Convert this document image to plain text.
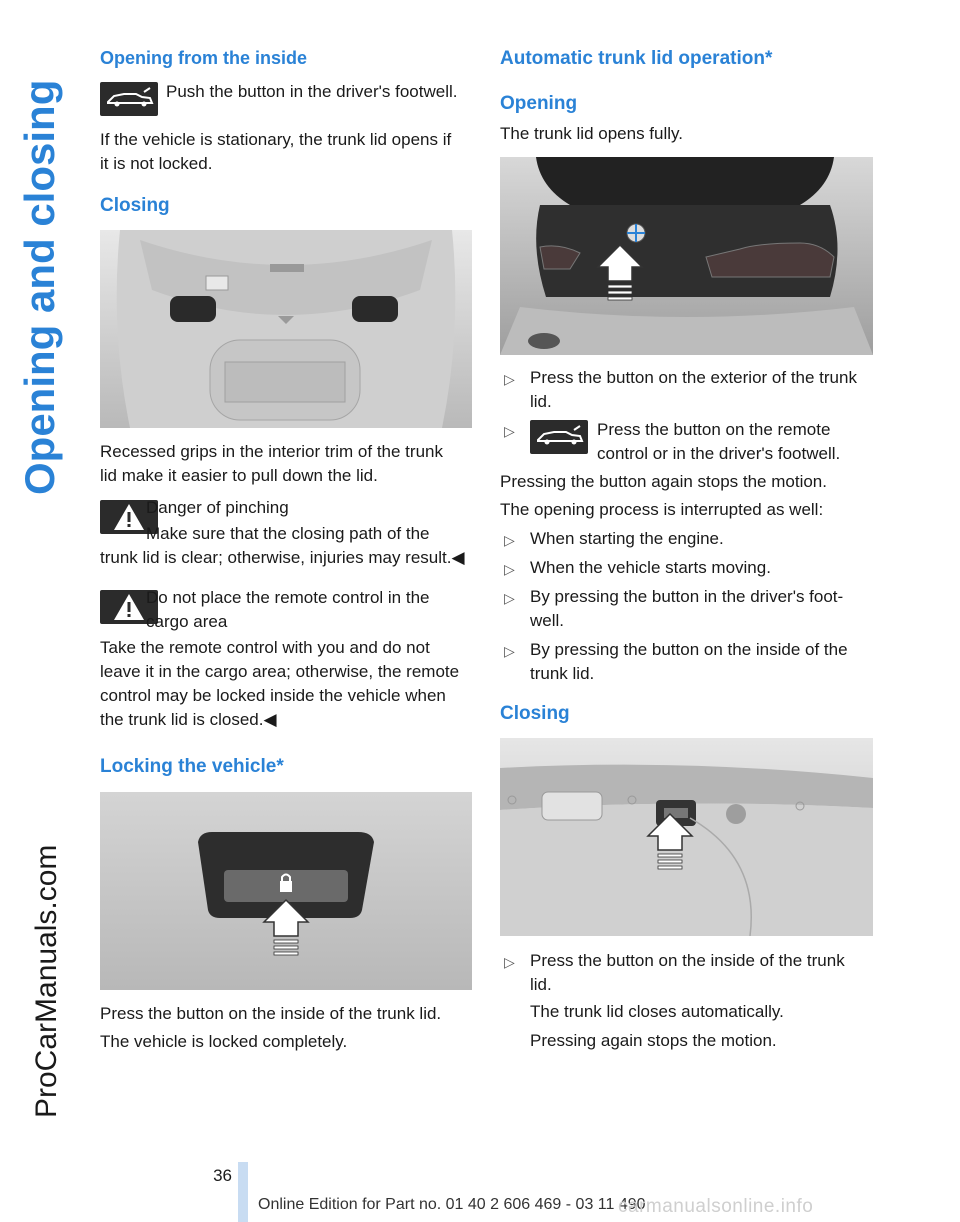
Opening and closing
ProCarManuals.com
Opening from the inside
Push the button in the driver's footwell.
If the vehicle is stationary, the trunk lid opens if
it is not locked.
Closing
Recessed grips in the interior trim of the trunk
lid make it easier to pull down the lid.
Danger of pinching
Make sure that the closing path of the
trunk lid is clear; otherwise, injuries may result.◀
Do not place the remote control in the
cargo area
Take the remote control with you and do not
leave it in the cargo area; otherwise, the remote
control may be locked inside the vehicle when
the trunk lid is closed.◀
Locking the vehicle*
Press the button on the inside of the trunk lid.
The vehicle is locked completely.
Automatic trunk lid operation*
Opening
The trunk lid opens fully.
▷ Press the button on the exterior of the trunk
lid.
▷	Press the button on the remote
control or in the driver's footwell.
Pressing the button again stops the motion.
The opening process is interrupted as well:
▷ When starting the engine.
▷ When the vehicle starts moving.
▷ By pressing the button in the driver's foot-
well.
▷ By pressing the button on the inside of the
trunk lid.
Closing
▷ Press the button on the inside of the trunk
lid.
The trunk lid closes automatically.
Pressing again stops the motion.
36
Online Edition for Part no. 01 40 2 606 469 - 03 11 490
carmanualsonline.info
